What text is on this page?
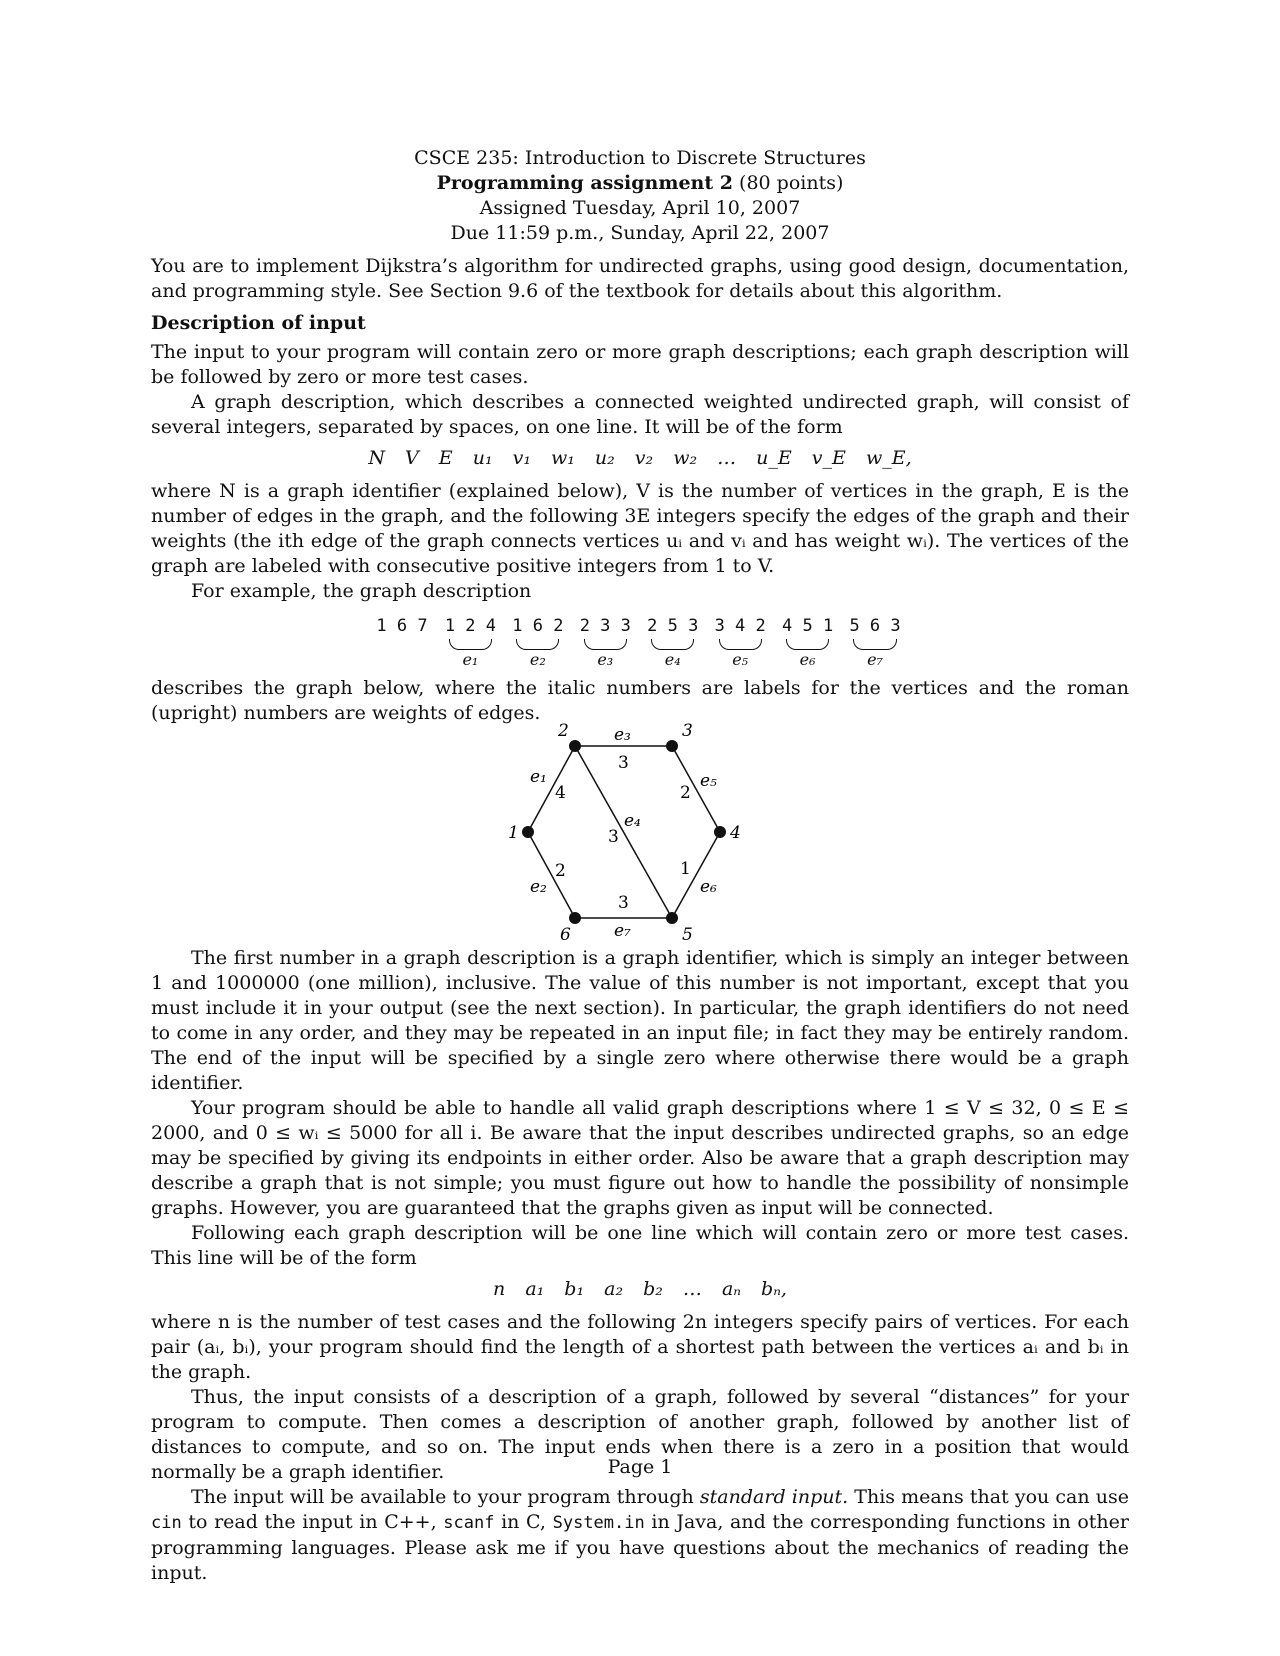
CSCE 235: Introduction to Discrete Structures
Programming assignment 2 (80 points)
Assigned Tuesday, April 10, 2007
Due 11:59 p.m., Sunday, April 22, 2007

You are to implement Dijkstra’s algorithm for undirected graphs, using good design, documentation, and programming style. See Section 9.6 of the textbook for details about this algorithm.

Description of input

The input to your program will contain zero or more graph descriptions; each graph description will be followed by zero or more test cases.

A graph description, which describes a connected weighted undirected graph, will consist of several integers, separated by spaces, on one line. It will be of the form

N V E u₁ v₁ w₁ u₂ v₂ w₂ … u_E v_E w_E,

where N is a graph identifier (explained below), V is the number of vertices in the graph, E is the number of edges in the graph, and the following 3E integers specify the edges of the graph and their weights (the ith edge of the graph connects vertices uᵢ and vᵢ and has weight wᵢ). The vertices of the graph are labeled with consecutive positive integers from 1 to V.

For example, the graph description

1 6 7 1 2 4
e₁

1 6 2
e₂

2 3 3
e₃

2 5 3
e₄

3 4 2
e₅

4 5 1
e₆

5 6 3
e₇

describes the graph below, where the italic numbers are labels for the vertices and the roman (upright) numbers are weights of edges.

1
2	3
4
5
6
e₁
e₂
e₃
e₄
e₅
e₆
e₇
4
2
3
3
2
1
3

The first number in a graph description is a graph identifier, which is simply an integer between 1 and 1000000 (one million), inclusive. The value of this number is not important, except that you must include it in your output (see the next section). In particular, the graph identifiers do not need to come in any order, and they may be repeated in an input file; in fact they may be entirely random. The end of the input will be specified by a single zero where otherwise there would be a graph identifier.

Your program should be able to handle all valid graph descriptions where 1 ≤ V ≤ 32, 0 ≤ E ≤ 2000, and 0 ≤ wᵢ ≤ 5000 for all i. Be aware that the input describes undirected graphs, so an edge may be specified by giving its endpoints in either order. Also be aware that a graph description may describe a graph that is not simple; you must figure out how to handle the possibility of nonsimple graphs. However, you are guaranteed that the graphs given as input will be connected.

Following each graph description will be one line which will contain zero or more test cases. This line will be of the form

n a₁ b₁ a₂ b₂ … aₙ bₙ,

where n is the number of test cases and the following 2n integers specify pairs of vertices. For each pair (aᵢ, bᵢ), your program should find the length of a shortest path between the vertices aᵢ and bᵢ in the graph.

Thus, the input consists of a description of a graph, followed by several “distances” for your program to compute. Then comes a description of another graph, followed by another list of distances to compute, and so on. The input ends when there is a zero in a position that would normally be a graph identifier.

The input will be available to your program through standard input. This means that you can use cin to read the input in C++, scanf in C, System.in in Java, and the corresponding functions in other programming languages. Please ask me if you have questions about the mechanics of reading the input.

Page 1
